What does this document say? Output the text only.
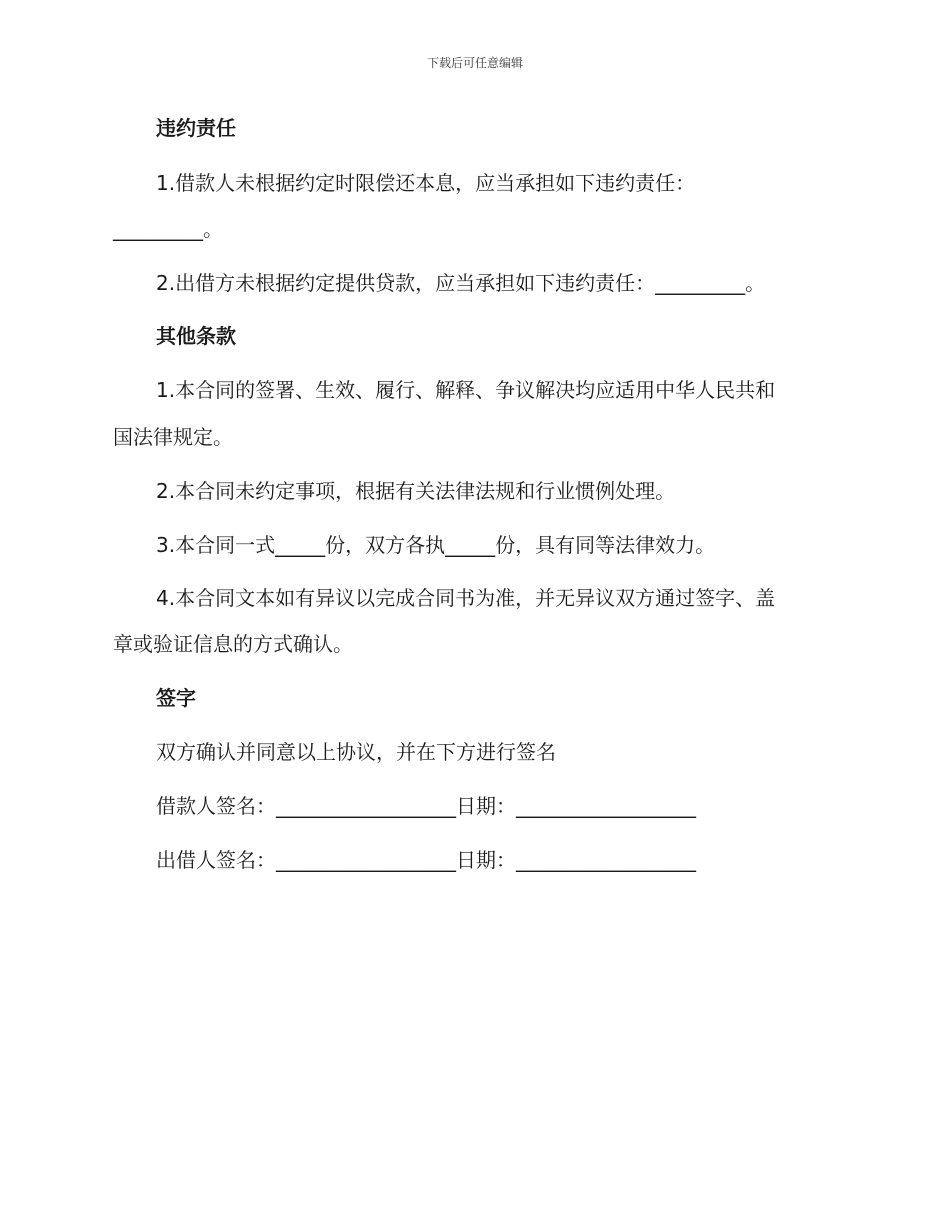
下载后可任意编辑
违约责任
1.借款人未根据约定时限偿还本息，应当承担如下违约责任：
_________。
2.出借方未根据约定提供贷款，应当承担如下违约责任：_________。
其他条款
1.本合同的签署、生效、履行、解释、争议解决均应适用中华人民共和
国法律规定。
2.本合同未约定事项，根据有关法律法规和行业惯例处理。
3.本合同一式_____份，双方各执_____份，具有同等法律效力。
4.本合同文本如有异议以完成合同书为准，并无异议双方通过签字、盖
章或验证信息的方式确认。
签字
双方确认并同意以上协议，并在下方进行签名
借款人签名：__________________日期：__________________
出借人签名：__________________日期：__________________
